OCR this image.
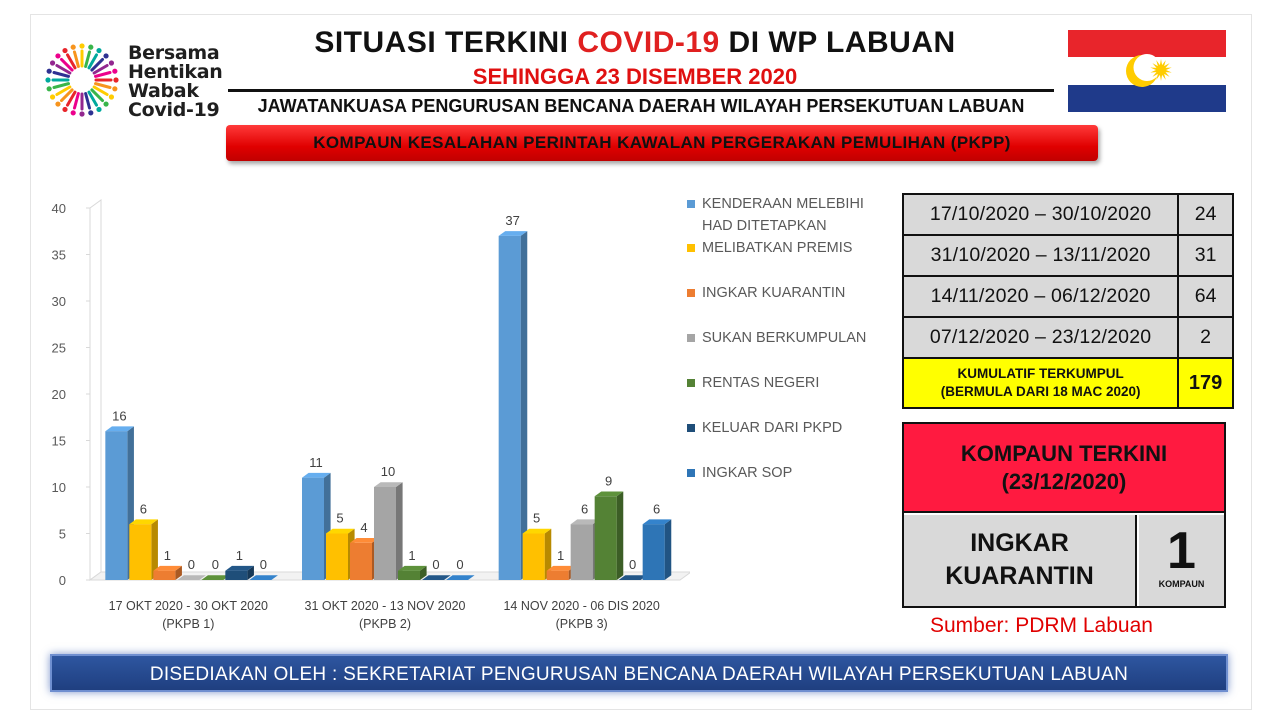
Bersama
Hentikan
Wabak
Covid-19
SITUASI TERKINI COVID-19 DI WP LABUAN
SEHINGGA 23 DISEMBER 2020
JAWATANKUASA PENGURUSAN BENCANA DAERAH WILAYAH PERSEKUTUAN LABUAN
KOMPAUN KESALAHAN PERINTAH KAWALAN PERGERAKAN PEMULIHAN (PKPP)
0
5
10
15
20
25
30
35
40
16
6
1
0 0
1
0
17 OKT 2020 - 30 OKT 2020
(PKPB 1)
11
5
4
10
1
0 0
31 OKT 2020 - 13 NOV 2020
(PKPB 2)
37
5
1
6
9
0
6
14 NOV 2020 - 06 DIS 2020
(PKPB 3)
KENDERAAN MELEBIHI HAD DITETAPKAN
MELIBATKAN PREMIS
INGKAR KUARANTIN
SUKAN BERKUMPULAN
RENTAS NEGERI
KELUAR DARI PKPD
INGKAR SOP
17/10/2020 – 30/10/2020	24
31/10/2020 – 13/11/2020	31
14/11/2020 – 06/12/2020	64
07/12/2020 – 23/12/2020	2

KUMULATIF TERKUMPUL
(BERMULA DARI 18 MAC 2020)	179
KOMPAUN TERKINI
(23/12/2020)
INGKAR
KUARANTIN	1
KOMPAUN
Sumber: PDRM Labuan
DISEDIAKAN OLEH : SEKRETARIAT PENGURUSAN BENCANA DAERAH WILAYAH PERSEKUTUAN LABUAN
